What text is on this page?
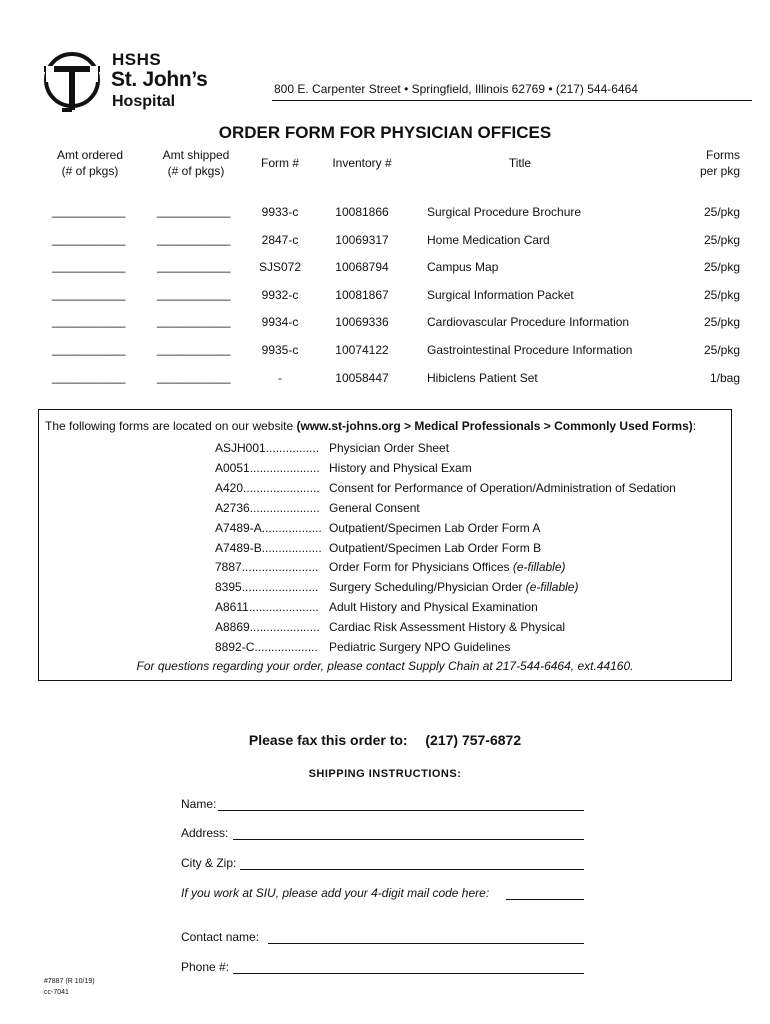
HSHS
St. John’s
Hospital
800 E. Carpenter Street • Springfield, Illinois 62769 • (217) 544-6464
ORDER FORM FOR PHYSICIAN OFFICES
Amt ordered
(# of pkgs)
Amt shipped
(# of pkgs)
Form #	Inventory #	Title
Forms
per pkg
___________	___________	9933-c	10081866	Surgical Procedure Brochure	25/pkg
___________	___________	2847-c	10069317	Home Medication Card	25/pkg
___________	___________	SJS072	10068794	Campus Map	25/pkg
___________	___________	9932-c	10081867	Surgical Information Packet	25/pkg
___________	___________	9934-c	10069336	Cardiovascular Procedure Information	25/pkg
___________	___________	9935-c	10074122	Gastrointestinal Procedure Information	25/pkg
___________	___________	-	10058447	Hibiclens Patient Set	1/bag
The following forms are located on our website (www.st-johns.org > Medical Professionals > Commonly Used Forms):
ASJH001................ Physician Order Sheet
A0051..................... History and Physical Exam
A420....................... Consent for Performance of Operation/Administration of Sedation
A2736..................... General Consent
A7489-A.................. Outpatient/Specimen Lab Order Form A
A7489-B.................. Outpatient/Specimen Lab Order Form B
7887....................... Order Form for Physicians Offices (e-fillable)
8395....................... Surgery Scheduling/Physician Order (e-fillable)
A8611..................... Adult History and Physical Examination
A8869..................... Cardiac Risk Assessment History & Physical
8892-C................... Pediatric Surgery NPO Guidelines
For questions regarding your order, please contact Supply Chain at 217-544-6464, ext.44160.
Please fax this order to: (217) 757-6872
SHIPPING INSTRUCTIONS:
Name:
Address:
City & Zip:
If you work at SIU, please add your 4-digit mail code here:
Contact name:
Phone #:
#7887 (R 10/19)
cc-7041
